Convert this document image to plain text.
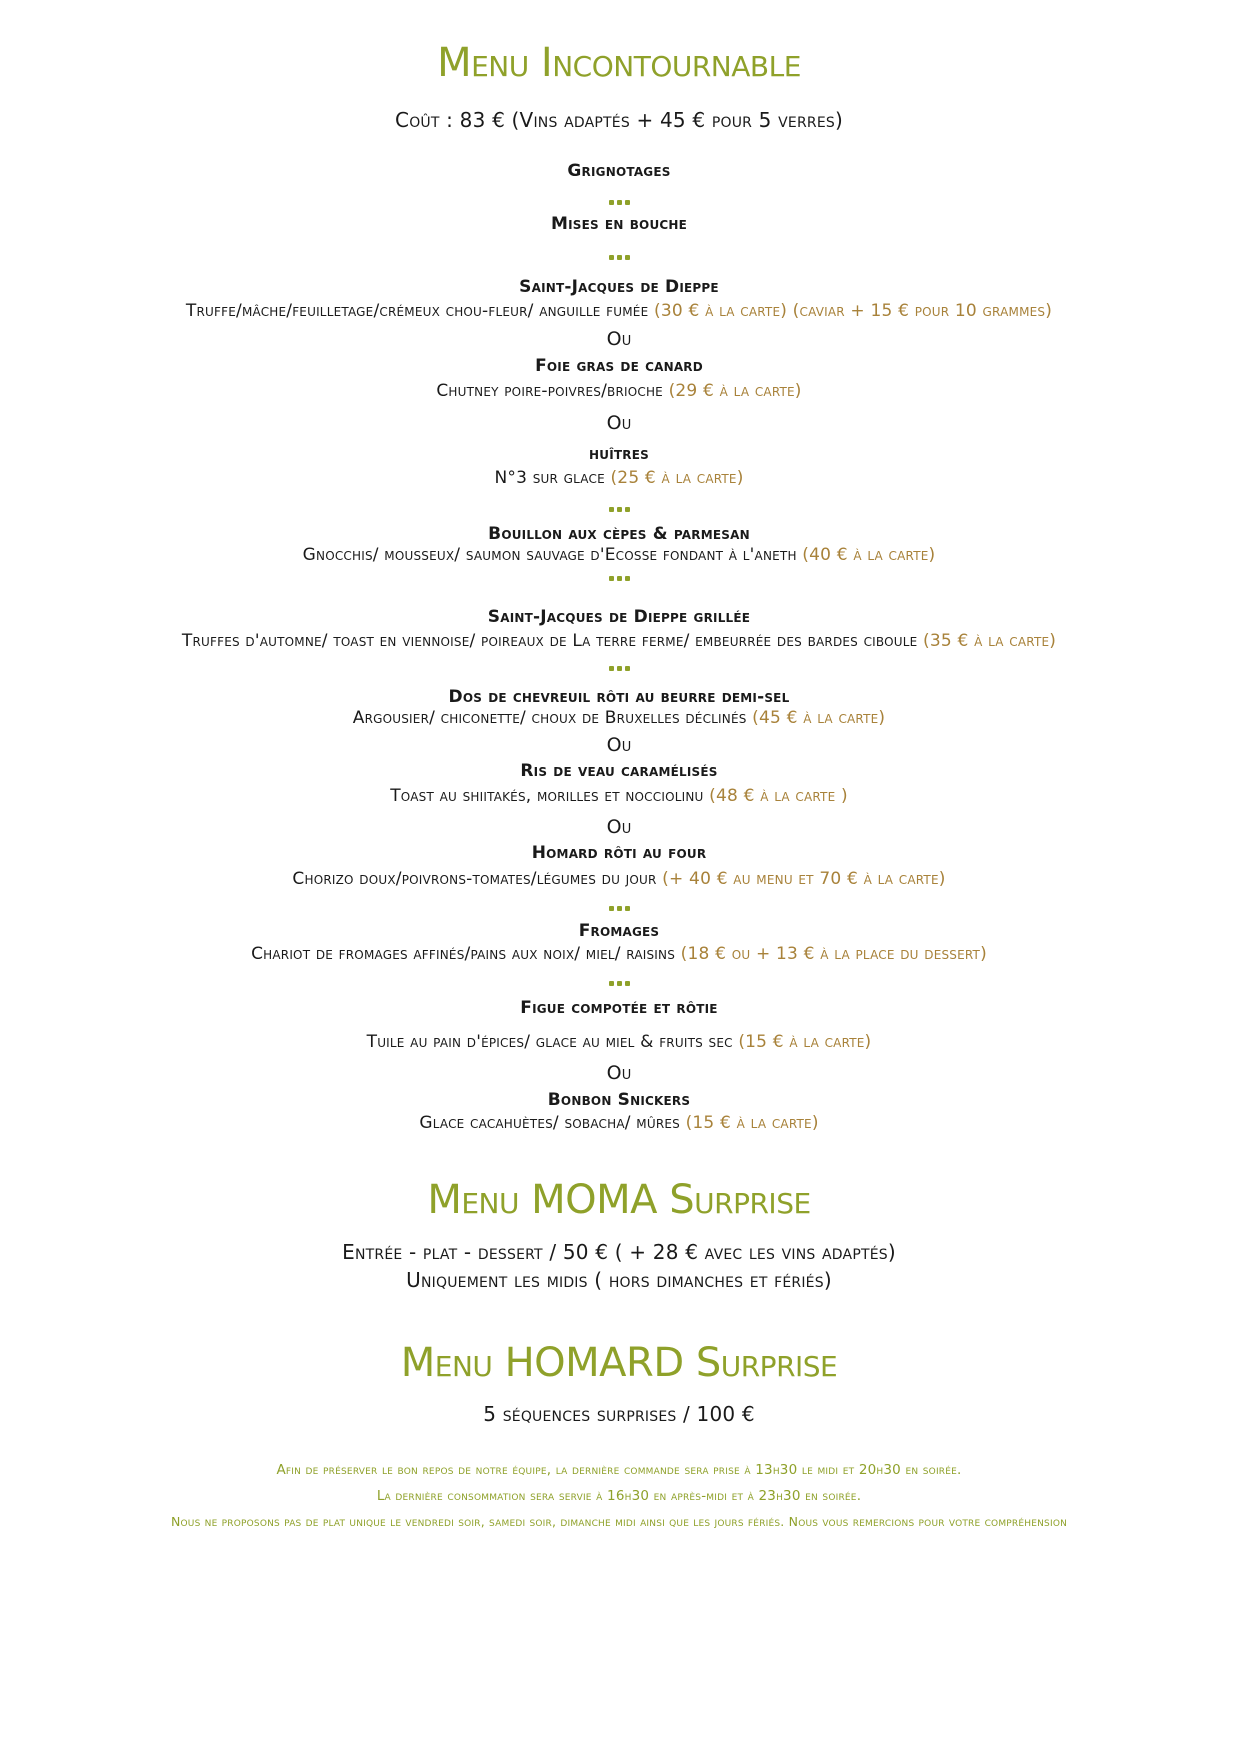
Menu Incontournable
Coût : 83 € (Vins adaptés + 45 € pour 5 verres)
Grignotages
Mises en bouche
Saint-Jacques de Dieppe
Truffe/mâche/feuilletage/crémeux chou-fleur/ anguille fumée (30 € à la carte) (caviar + 15 € pour 10 grammes)
Ou
Foie gras de canard
Chutney poire-poivres/brioche (29 € à la carte)
Ou
huîtres
N°3 sur glace (25 € à la carte)
Bouillon aux cèpes & parmesan
Gnocchis/ mousseux/ saumon sauvage d'Ecosse fondant à l'aneth (40 € à la carte)
Saint-Jacques de Dieppe grillée
Truffes d'automne/ toast en viennoise/ poireaux de La terre ferme/ embeurrée des bardes ciboule (35 € à la carte)
Dos de chevreuil rôti au beurre demi-sel
Argousier/ chiconette/ choux de Bruxelles déclinés (45 € à la carte)
Ou
Ris de veau caramélisés
Toast au shiitakés, morilles et nocciolinu (48 € à la carte )
Ou
Homard rôti au four
Chorizo doux/poivrons-tomates/légumes du jour (+ 40 € au menu et 70 € à la carte)
Fromages
Chariot de fromages affinés/pains aux noix/ miel/ raisins (18 € ou + 13 € à la place du dessert)
Figue compotée et rôtie
Tuile au pain d'épices/ glace au miel & fruits sec (15 € à la carte)
Ou
Bonbon Snickers
Glace cacahuètes/ sobacha/ mûres (15 € à la carte)
Menu MOMA Surprise
Entrée - plat - dessert / 50 € ( + 28 € avec les vins adaptés)
Uniquement les midis ( hors dimanches et fériés)
Menu HOMARD Surprise
5 séquences surprises / 100 €
Afin de préserver le bon repos de notre équipe, la dernière commande sera prise à 13h30 le midi et 20h30 en soirée.
La dernière consommation sera servie à 16h30 en après-midi et à 23h30 en soirée.
Nous ne proposons pas de plat unique le vendredi soir, samedi soir, dimanche midi ainsi que les jours fériés. Nous vous remercions pour votre compréhension
